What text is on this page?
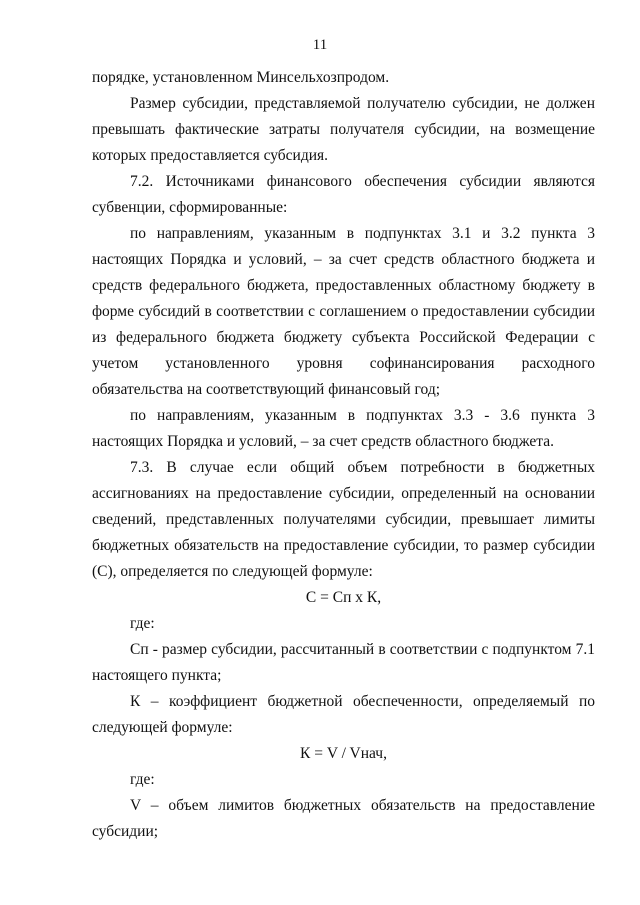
11

порядке, установленном Минсельхозпродом.

Размер субсидии, представляемой получателю субсидии, не должен превышать фактические затраты получателя субсидии, на возмещение которых предоставляется субсидия.

7.2. Источниками финансового обеспечения субсидии являются субвенции, сформированные:

по направлениям, указанным в подпунктах 3.1 и 3.2 пункта 3 настоящих Порядка и условий, – за счет средств областного бюджета и средств федерального бюджета, предоставленных областному бюджету в форме субсидий в соответствии с соглашением о предоставлении субсидии из федерального бюджета бюджету субъекта Российской Федерации с учетом установленного уровня софинансирования расходного обязательства на соответствующий финансовый год;

по направлениям, указанным в подпунктах 3.3 - 3.6 пункта 3 настоящих Порядка и условий, – за счет средств областного бюджета.

7.3. В случае если общий объем потребности в бюджетных ассигнованиях на предоставление субсидии, определенный на основании сведений, представленных получателями субсидии, превышает лимиты бюджетных обязательств на предоставление субсидии, то размер субсидии (С), определяется по следующей формуле:

С = Сп х К,

где:

Сп - размер субсидии, рассчитанный в соответствии с подпунктом 7.1 настоящего пункта;

К – коэффициент бюджетной обеспеченности, определяемый по следующей формуле:

К = V / Vнач,

где:

V – объем лимитов бюджетных обязательств на предоставление субсидии;
